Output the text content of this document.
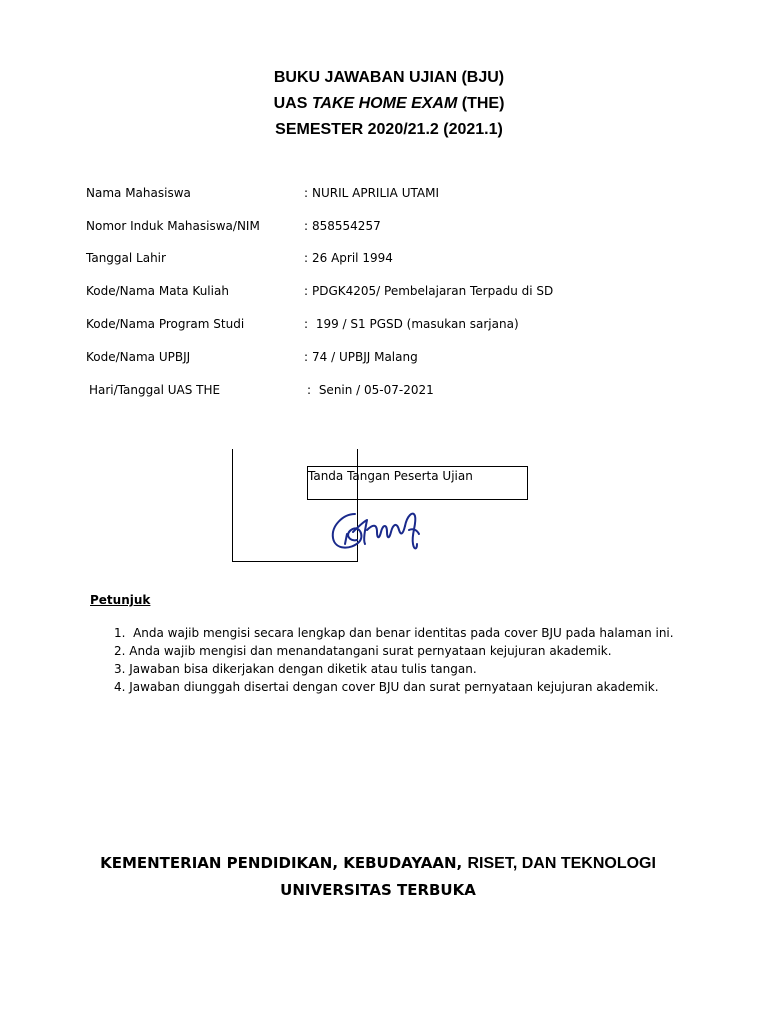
BUKU JAWABAN UJIAN (BJU)
UAS TAKE HOME EXAM (THE)
SEMESTER 2020/21.2 (2021.1)
Nama Mahasiswa	: NURIL APRILIA UTAMI
Nomor Induk Mahasiswa/NIM	: 858554257
Tanggal Lahir	: 26 April 1994
Kode/Nama Mata Kuliah	: PDGK4205/ Pembelajaran Terpadu di SD
Kode/Nama Program Studi	: 199 / S1 PGSD (masukan sarjana)
Kode/Nama UPBJJ	: 74 / UPBJJ Malang
Hari/Tanggal UAS THE	: Senin / 05-07-2021
Tanda Tangan Peserta Ujian
Petunjuk
1.  Anda wajib mengisi secara lengkap dan benar identitas pada cover BJU pada halaman ini.
2. Anda wajib mengisi dan menandatangani surat pernyataan kejujuran akademik.
3. Jawaban bisa dikerjakan dengan diketik atau tulis tangan.
4. Jawaban diunggah disertai dengan cover BJU dan surat pernyataan kejujuran akademik.
KEMENTERIAN PENDIDIKAN, KEBUDAYAAN, RISET, DAN TEKNOLOGI
UNIVERSITAS TERBUKA
